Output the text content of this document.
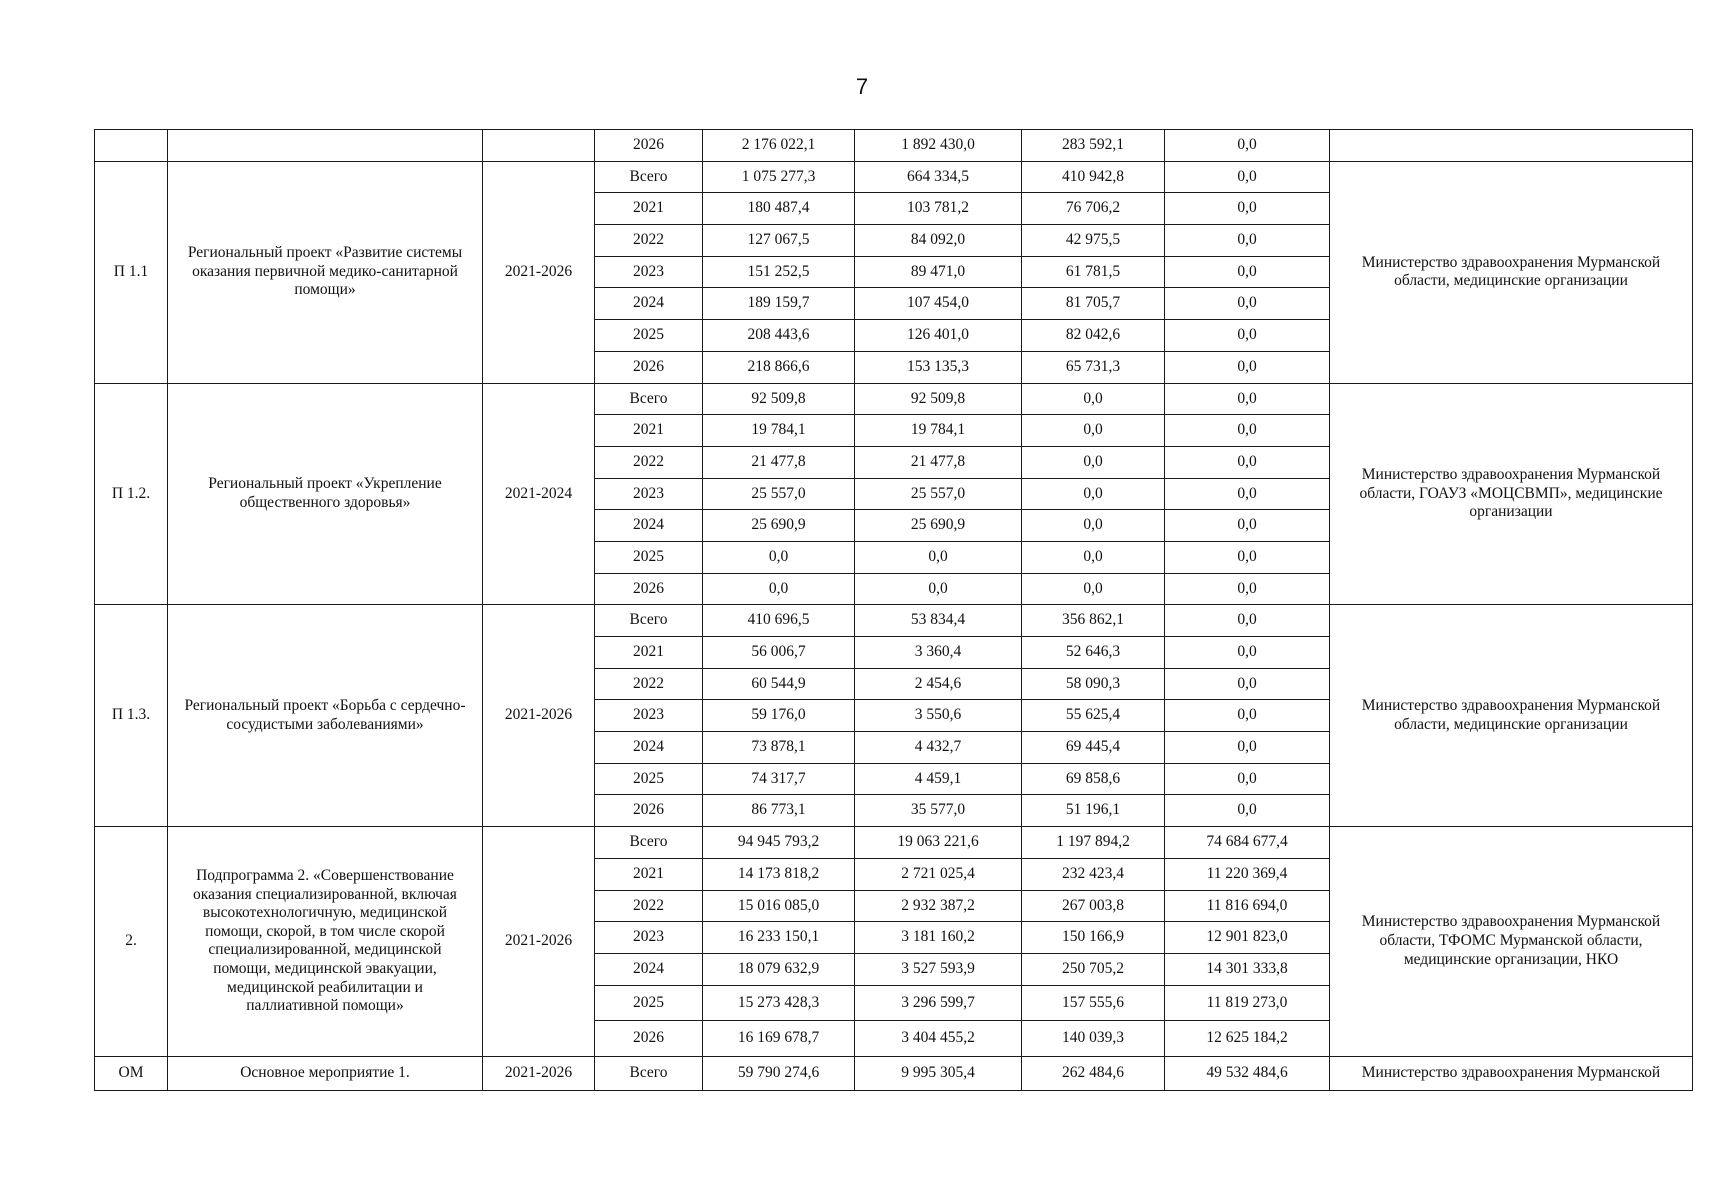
7
			2026	2 176 022,1	1 892 430,0	283 592,1	0,0	
П 1.1	Региональный проект «Развитие системы оказания первичной медико-санитарной помощи»	2021-2026	Всего	1 075 277,3	664 334,5	410 942,8	0,0	Министерство здравоохранения Мурманской области, медицинские организации
			2021	180 487,4	103 781,2	76 706,2	0,0	
			2022	127 067,5	84 092,0	42 975,5	0,0	
			2023	151 252,5	89 471,0	61 781,5	0,0	
			2024	189 159,7	107 454,0	81 705,7	0,0	
			2025	208 443,6	126 401,0	82 042,6	0,0	
			2026	218 866,6	153 135,3	65 731,3	0,0	
П 1.2.	Региональный проект «Укрепление общественного здоровья»	2021-2024	Всего	92 509,8	92 509,8	0,0	0,0	Министерство здравоохранения Мурманской области, ГОАУЗ «МОЦСВМП», медицинские организации
			2021	19 784,1	19 784,1	0,0	0,0	
			2022	21 477,8	21 477,8	0,0	0,0	
			2023	25 557,0	25 557,0	0,0	0,0	
			2024	25 690,9	25 690,9	0,0	0,0	
			2025	0,0	0,0	0,0	0,0	
			2026	0,0	0,0	0,0	0,0	
П 1.3.	Региональный проект «Борьба с сердечно-сосудистыми заболеваниями»	2021-2026	Всего	410 696,5	53 834,4	356 862,1	0,0	Министерство здравоохранения Мурманской области, медицинские организации
			2021	56 006,7	3 360,4	52 646,3	0,0	
			2022	60 544,9	2 454,6	58 090,3	0,0	
			2023	59 176,0	3 550,6	55 625,4	0,0	
			2024	73 878,1	4 432,7	69 445,4	0,0	
			2025	74 317,7	4 459,1	69 858,6	0,0	
			2026	86 773,1	35 577,0	51 196,1	0,0	
2.	Подпрограмма 2. «Совершенствование оказания специализированной, включая высокотехнологичную, медицинской помощи, скорой, в том числе скорой специализированной, медицинской помощи, медицинской эвакуации, медицинской реабилитации и паллиативной помощи»	2021-2026	Всего	94 945 793,2	19 063 221,6	1 197 894,2	74 684 677,4	Министерство здравоохранения Мурманской области, ТФОМС Мурманской области, медицинские организации, НКО
			2021	14 173 818,2	2 721 025,4	232 423,4	11 220 369,4	
			2022	15 016 085,0	2 932 387,2	267 003,8	11 816 694,0	
			2023	16 233 150,1	3 181 160,2	150 166,9	12 901 823,0	
			2024	18 079 632,9	3 527 593,9	250 705,2	14 301 333,8	
			2025	15 273 428,3	3 296 599,7	157 555,6	11 819 273,0	
			2026	16 169 678,7	3 404 455,2	140 039,3	12 625 184,2	
ОМ	Основное мероприятие 1.	2021-2026	Всего	59 790 274,6	9 995 305,4	262 484,6	49 532 484,6	Министерство здравоохранения Мурманской
